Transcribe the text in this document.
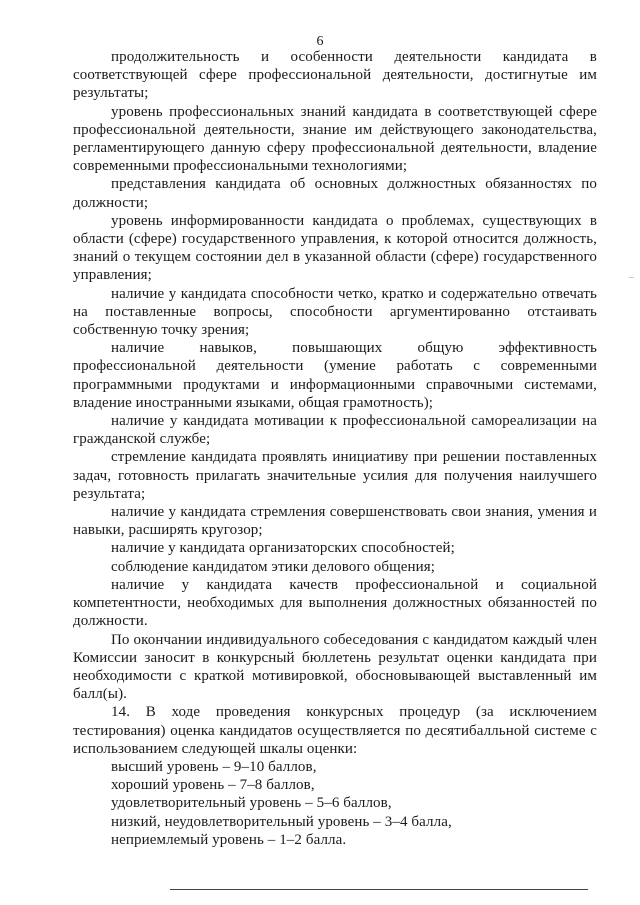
6

продолжительность и особенности деятельности кандидата в соответствующей сфере профессиональной деятельности, достигнутые им результаты;

уровень профессиональных знаний кандидата в соответствующей сфере профессиональной деятельности, знание им действующего законодательства, регламентирующего данную сферу профессиональной деятельности, владение современными профессиональными технологиями;

представления кандидата об основных должностных обязанностях по должности;

уровень информированности кандидата о проблемах, существующих в области (сфере) государственного управления, к которой относится должность, знаний о текущем состоянии дел в указанной области (сфере) государственного управления;

наличие у кандидата способности четко, кратко и содержательно отвечать на поставленные вопросы, способности аргументированно отстаивать собственную точку зрения;

наличие навыков, повышающих общую эффективность профессиональной деятельности (умение работать с современными программными продуктами и информационными справочными системами, владение иностранными языками, общая грамотность);

наличие у кандидата мотивации к профессиональной самореализации на гражданской службе;

стремление кандидата проявлять инициативу при решении поставленных задач, готовность прилагать значительные усилия для получения наилучшего результата;

наличие у кандидата стремления совершенствовать свои знания, умения и навыки, расширять кругозор;

наличие у кандидата организаторских способностей;

соблюдение кандидатом этики делового общения;

наличие у кандидата качеств профессиональной и социальной компетентности, необходимых для выполнения должностных обязанностей по должности.

По окончании индивидуального собеседования с кандидатом каждый член Комиссии заносит в конкурсный бюллетень результат оценки кандидата при необходимости с краткой мотивировкой, обосновывающей выставленный им балл(ы).

14. В ходе проведения конкурсных процедур (за исключением тестирования) оценка кандидатов осуществляется по десятибалльной системе с использованием следующей шкалы оценки:

высший уровень – 9–10 баллов,

хороший уровень – 7–8 баллов,

удовлетворительный уровень – 5–6 баллов,

низкий, неудовлетворительный уровень – 3–4 балла,

неприемлемый уровень – 1–2 балла.

–
